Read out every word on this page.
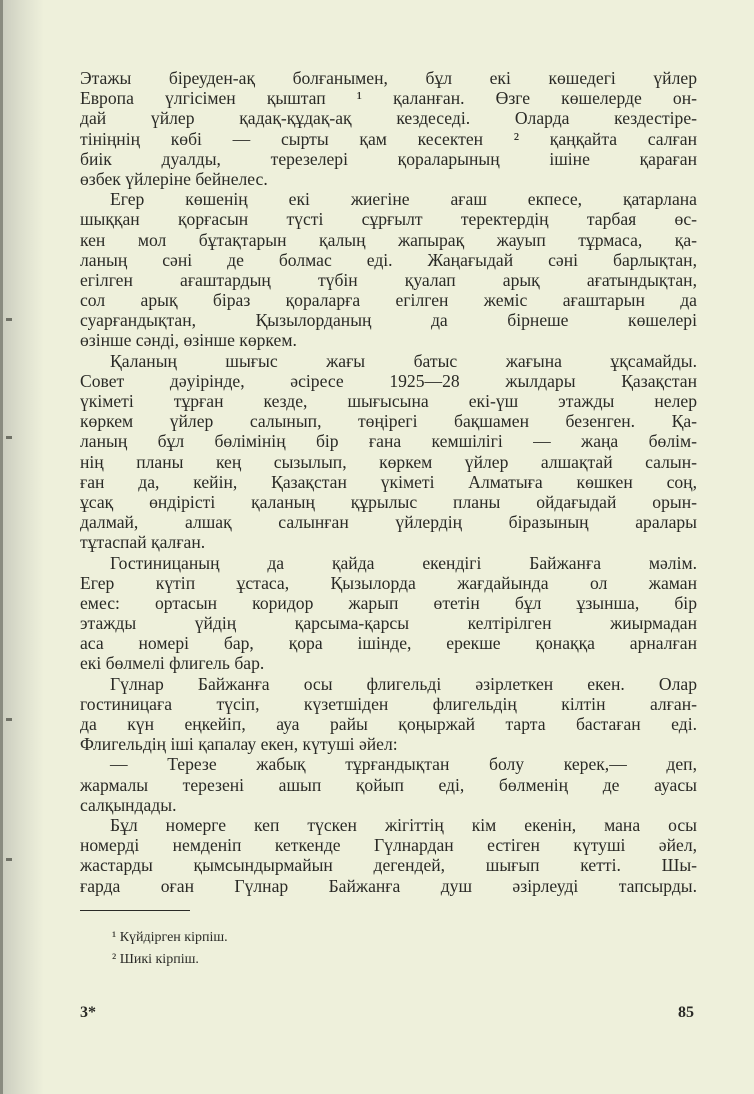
Этажы біреуден-ақ болғанымен, бұл екі көшедегі үйлер
Европа үлгісімен қыштап ¹ қаланған. Өзге көшелерде он-
дай үйлер қадақ-құдақ-ақ кездеседі. Оларда кездестіре-
тініңнің көбі — сырты қам кесектен ² қаңқайта салған
биік дуалды, терезелері қораларының ішіне қараған
өзбек үйлеріне бейнелес.
Егер көшенің екі жиегіне ағаш екпесе, қатарлана
шыққан қорғасын түсті сұрғылт теректердің тарбая өс-
кен мол бұтақтарын қалың жапырақ жауып тұрмаса, қа-
ланың сәні де болмас еді. Жаңағыдай сәні барлықтан,
егілген ағаштардың түбін қуалап арық ағатындықтан,
сол арық біраз қораларға егілген жеміс ағаштарын да
суарғандықтан, Қызылорданың да бірнеше көшелері
өзінше сәнді, өзінше көркем.
Қаланың шығыс жағы батыс жағына ұқсамайды.
Совет дәуірінде, әсіресе 1925—28 жылдары Қазақстан
үкіметі тұрған кезде, шығысына екі-үш этажды нелер
көркем үйлер салынып, төңірегі бақшамен безенген. Қа-
ланың бұл бөлімінің бір ғана кемшілігі — жаңа бөлім-
нің планы кең сызылып, көркем үйлер алшақтай салын-
ған да, кейін, Қазақстан үкіметі Алматыға көшкен соң,
ұсақ өндірісті қаланың құрылыс планы ойдағыдай орын-
далмай, алшақ салынған үйлердің біразының аралары
тұтаспай қалған.
Гостиницаның да қайда екендігі Байжанға мәлім.
Егер күтіп ұстаса, Қызылорда жағдайында ол жаман
емес: ортасын коридор жарып өтетін бұл ұзынша, бір
этажды үйдің қарсыма-қарсы келтірілген жиырмадан
аса номері бар, қора ішінде, ерекше қонаққа арналған
екі бөлмелі флигель бар.
Гүлнар Байжанға осы флигельді әзірлеткен екен. Олар
гостиницаға түсіп, күзетшіден флигельдің кілтін алған-
да күн еңкейіп, ауа райы қоңыржай тарта бастаған еді.
Флигельдің іші қапалау екен, күтуші әйел:
— Терезе жабық тұрғандықтан болу керек,— деп,
жармалы терезені ашып қойып еді, бөлменің де ауасы
салқындады.
Бұл номерге кеп түскен жігіттің кім екенін, мана осы
номерді немденіп кеткенде Гүлнардан естіген күтуші әйел,
жастарды қымсындырмайын дегендей, шығып кетті. Шы-
ғарда оған Гүлнар Байжанға душ әзірлеуді тапсырды.
¹ Күйдірген кірпіш.
² Шикі кірпіш.
3*	85
